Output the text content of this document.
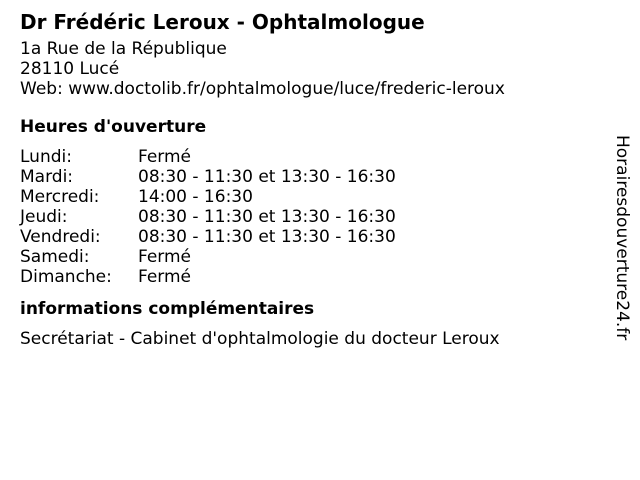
Dr Frédéric Leroux - Ophtalmologue
1a Rue de la République
28110 Lucé
Web: www.doctolib.fr/ophtalmologue/luce/frederic-leroux
Heures d'ouverture
Lundi:	Fermé
Mardi:	08:30 - 11:30 et 13:30 - 16:30
Mercredi:	14:00 - 16:30
Jeudi:	08:30 - 11:30 et 13:30 - 16:30
Vendredi:	08:30 - 11:30 et 13:30 - 16:30
Samedi:	Fermé
Dimanche:	Fermé
informations complémentaires
Secrétariat - Cabinet d'ophtalmologie du docteur Leroux	Horairesdouverture24.fr
